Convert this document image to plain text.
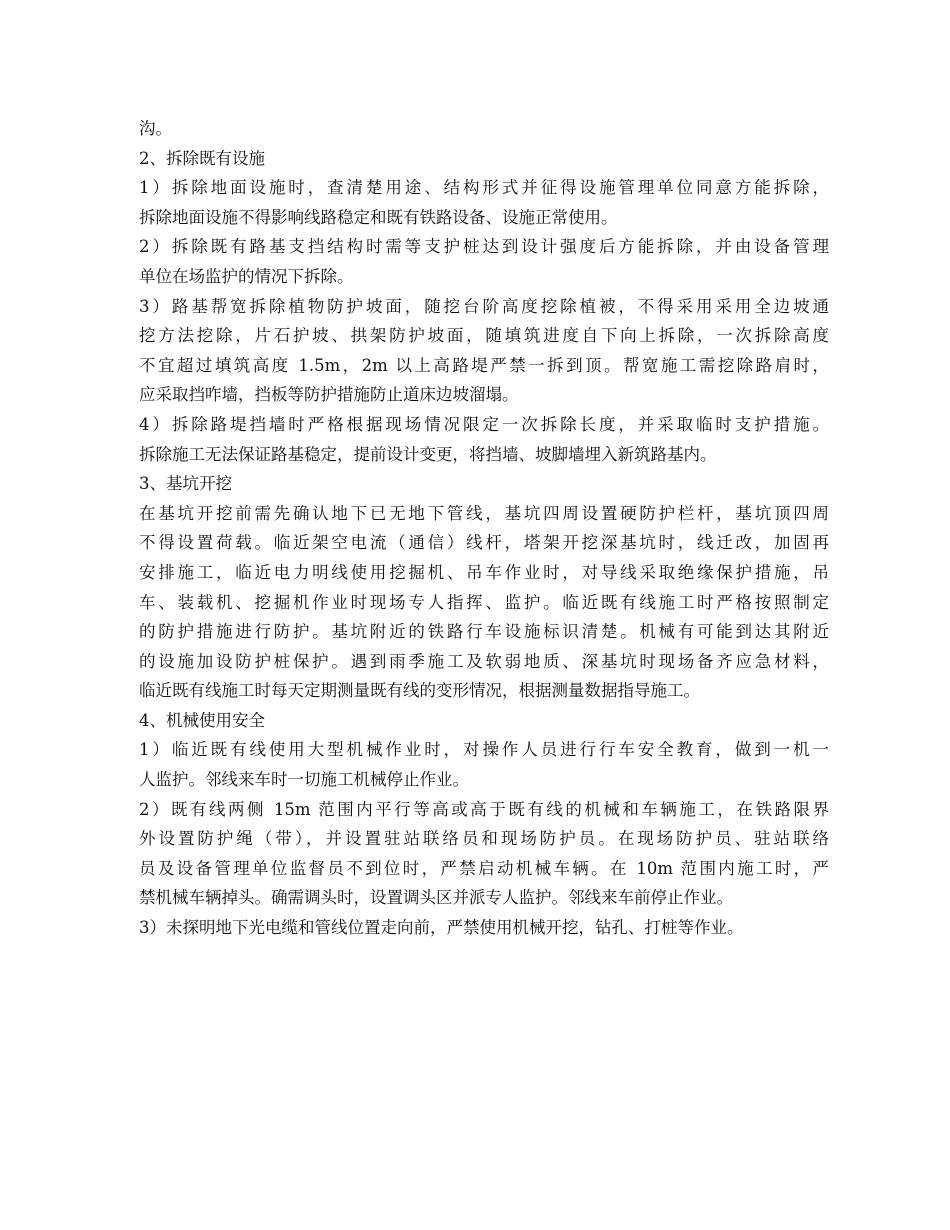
沟。
2、拆除既有设施
1）拆除地面设施时，查清楚用途、结构形式并征得设施管理单位同意方能拆除，
拆除地面设施不得影响线路稳定和既有铁路设备、设施正常使用。
2）拆除既有路基支挡结构时需等支护桩达到设计强度后方能拆除，并由设备管理
单位在场监护的情况下拆除。
3）路基帮宽拆除植物防护坡面，随挖台阶高度挖除植被，不得采用采用全边坡通
挖方法挖除，片石护坡、拱架防护坡面，随填筑进度自下向上拆除，一次拆除高度
不宜超过填筑高度 1.5m，2m 以上高路堤严禁一拆到顶。帮宽施工需挖除路肩时，
应采取挡咋墙，挡板等防护措施防止道床边坡溜塌。
4）拆除路堤挡墙时严格根据现场情况限定一次拆除长度，并采取临时支护措施。
拆除施工无法保证路基稳定，提前设计变更，将挡墙、坡脚墙埋入新筑路基内。
3、基坑开挖
在基坑开挖前需先确认地下已无地下管线，基坑四周设置硬防护栏杆，基坑顶四周
不得设置荷载。临近架空电流（通信）线杆，塔架开挖深基坑时，线迁改，加固再
安排施工，临近电力明线使用挖掘机、吊车作业时，对导线采取绝缘保护措施，吊
车、装载机、挖掘机作业时现场专人指挥、监护。临近既有线施工时严格按照制定
的防护措施进行防护。基坑附近的铁路行车设施标识清楚。机械有可能到达其附近
的设施加设防护桩保护。遇到雨季施工及软弱地质、深基坑时现场备齐应急材料，
临近既有线施工时每天定期测量既有线的变形情况，根据测量数据指导施工。
4、机械使用安全
1）临近既有线使用大型机械作业时，对操作人员进行行车安全教育，做到一机一
人监护。邻线来车时一切施工机械停止作业。
2）既有线两侧 15m 范围内平行等高或高于既有线的机械和车辆施工，在铁路限界
外设置防护绳（带），并设置驻站联络员和现场防护员。在现场防护员、驻站联络
员及设备管理单位监督员不到位时，严禁启动机械车辆。在 10m 范围内施工时，严
禁机械车辆掉头。确需调头时，设置调头区并派专人监护。邻线来车前停止作业。
3）未探明地下光电缆和管线位置走向前，严禁使用机械开挖，钻孔、打桩等作业。
